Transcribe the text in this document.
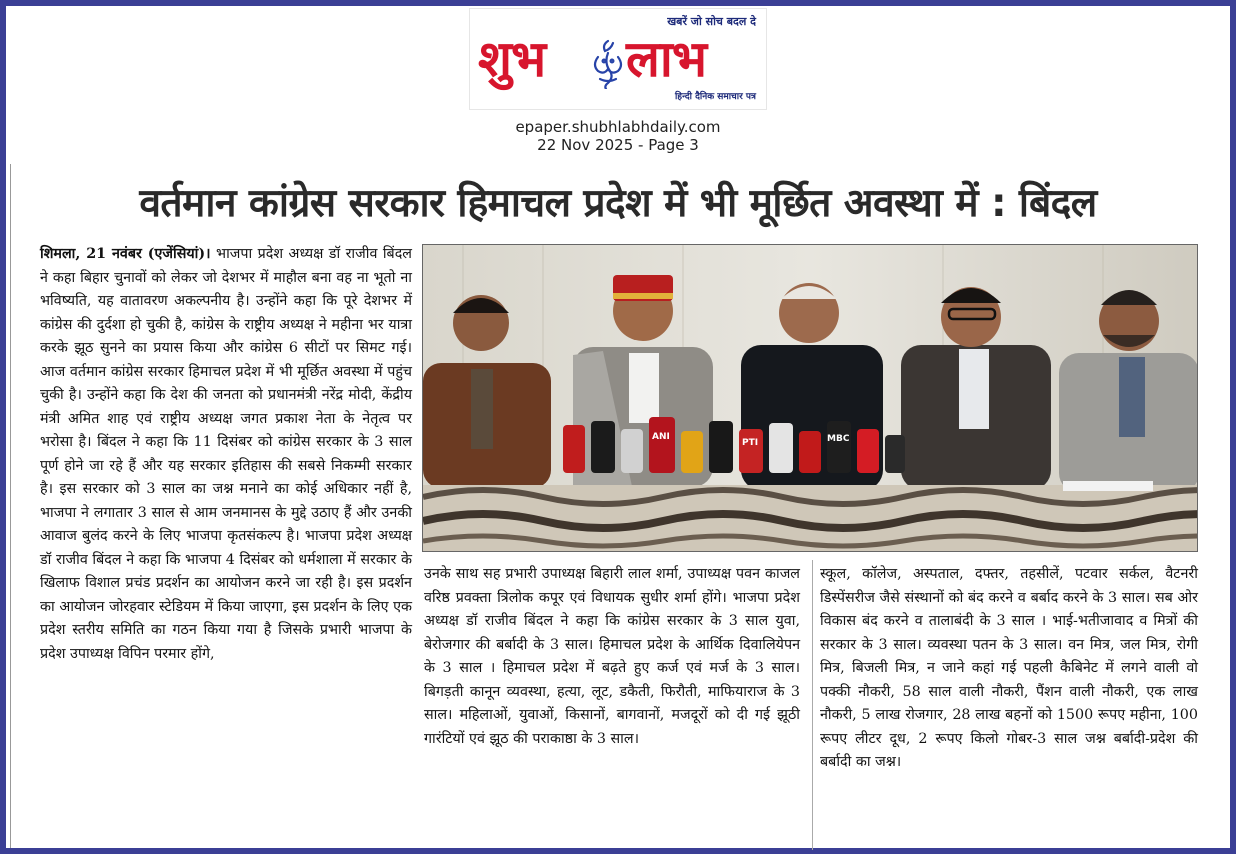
खबरें जो सोच बदल दे
शुभ लाभ
हिन्दी दैनिक समाचार पत्र
epaper.shubhlabhdaily.com
22 Nov 2025 - Page 3
वर्तमान कांग्रेस सरकार हिमाचल प्रदेश में भी मूर्छित अवस्था में : बिंदल
शिमला, 21 नवंबर (एजेंसियां)। भाजपा प्रदेश अध्यक्ष डॉ राजीव बिंदल ने कहा बिहार चुनावों को लेकर जो देशभर में माहौल बना वह ना भूतो ना भविष्यति, यह वातावरण अकल्पनीय है। उन्होंने कहा कि पूरे देशभर में कांग्रेस की दुर्दशा हो चुकी है, कांग्रेस के राष्ट्रीय अध्यक्ष ने महीना भर यात्रा करके झूठ सुनने का प्रयास किया और कांग्रेस 6 सीटों पर सिमट गई। आज वर्तमान कांग्रेस सरकार हिमाचल प्रदेश में भी मूर्छित अवस्था में पहुंच चुकी है। उन्होंने कहा कि देश की जनता को प्रधानमंत्री नरेंद्र मोदी, केंद्रीय मंत्री अमित शाह एवं राष्ट्रीय अध्यक्ष जगत प्रकाश नेता के नेतृत्व पर भरोसा है। बिंदल ने कहा कि 11 दिसंबर को कांग्रेस सरकार के 3 साल पूर्ण होने जा रहे हैं और यह सरकार इतिहास की सबसे निकम्मी सरकार है। इस सरकार को 3 साल का जश्न मनाने का कोई अधिकार नहीं है, भाजपा ने लगातार 3 साल से आम जनमानस के मुद्दे उठाए हैं और उनकी आवाज बुलंद करने के लिए भाजपा कृतसंकल्प है। भाजपा प्रदेश अध्यक्ष डॉ राजीव बिंदल ने कहा कि भाजपा 4 दिसंबर को धर्मशाला में सरकार के खिलाफ विशाल प्रचंड प्रदर्शन का आयोजन करने जा रही है। इस प्रदर्शन का आयोजन जोरहवार स्टेडियम में किया जाएगा, इस प्रदर्शन के लिए एक प्रदेश स्तरीय समिति का गठन किया गया है जिसके प्रभारी भाजपा के प्रदेश उपाध्यक्ष विपिन परमार होंगे,
ANI
PTI	MBC
उनके साथ सह प्रभारी उपाध्यक्ष बिहारी लाल शर्मा, उपाध्यक्ष पवन काजल वरिष्ठ प्रवक्ता त्रिलोक कपूर एवं विधायक सुधीर शर्मा होंगे। भाजपा प्रदेश अध्यक्ष डॉ राजीव बिंदल ने कहा कि कांग्रेस सरकार के 3 साल युवा, बेरोजगार की बर्बादी के 3 साल। हिमाचल प्रदेश के आर्थिक दिवालियेपन के 3 साल । हिमाचल प्रदेश में बढ़ते हुए कर्ज एवं मर्ज के 3 साल। बिगड़ती कानून व्यवस्था, हत्या, लूट, डकैती, फिरौती, माफियाराज के 3 साल। महिलाओं, युवाओं, किसानों, बागवानों, मजदूरों को दी गई झूठी गारंटियों एवं झूठ की पराकाष्ठा के 3 साल।
स्कूल, कॉलेज, अस्पताल, दफ्तर, तहसीलें, पटवार सर्कल, वैटनरी डिस्पेंसरीज जैसे संस्थानों को बंद करने व बर्बाद करने के 3 साल। सब ओर विकास बंद करने व तालाबंदी के 3 साल । भाई-भतीजावाद व मित्रों की सरकार के 3 साल। व्यवस्था पतन के 3 साल। वन मित्र, जल मित्र, रोगी मित्र, बिजली मित्र, न जाने कहां गई पहली कैबिनेट में लगने वाली वो पक्की नौकरी, 58 साल वाली नौकरी, पैंशन वाली नौकरी, एक लाख नौकरी, 5 लाख रोजगार, 28 लाख बहनों को 1500 रूपए महीना, 100 रूपए लीटर दूध, 2 रूपए किलो गोबर-3 साल जश्न बर्बादी-प्रदेश की बर्बादी का जश्न।
